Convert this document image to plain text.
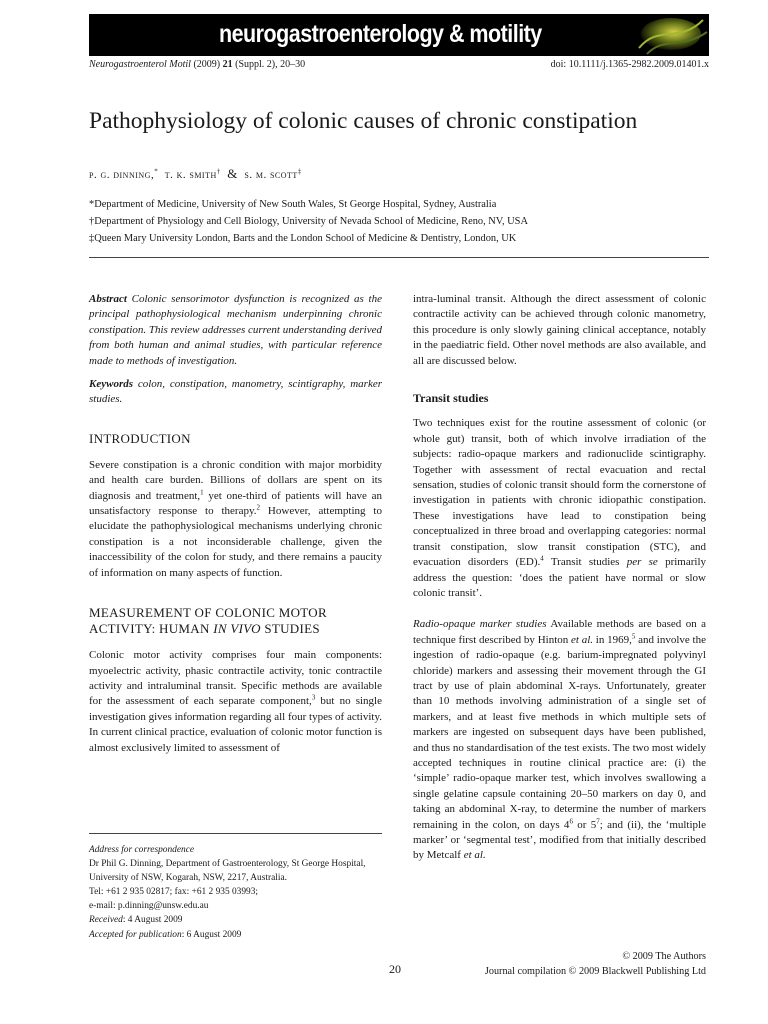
neurogastroenterology & motility
Neurogastroenterol Motil (2009) 21 (Suppl. 2), 20–30	doi: 10.1111/j.1365-2982.2009.01401.x
Pathophysiology of colonic causes of chronic constipation
p. g. dinning,* t. k. smith† & s. m. scott‡
*Department of Medicine, University of New South Wales, St George Hospital, Sydney, Australia
†Department of Physiology and Cell Biology, University of Nevada School of Medicine, Reno, NV, USA
‡Queen Mary University London, Barts and the London School of Medicine & Dentistry, London, UK

Abstract Colonic sensorimotor dysfunction is recognized as the principal pathophysiological mechanism underpinning chronic constipation. This review addresses current understanding derived from both human and animal studies, with particular reference made to methods of investigation.

Keywords colon, constipation, manometry, scintigraphy, marker studies.

INTRODUCTION

Severe constipation is a chronic condition with major morbidity and health care burden. Billions of dollars are spent on its diagnosis and treatment,$^1$ yet one-third of patients will have an unsatisfactory response to therapy.$^2$ However, attempting to elucidate the pathophysiological mechanisms underlying chronic constipation is a not inconsiderable challenge, given the inaccessibility of the colon for study, and there remains a paucity of information on many aspects of function.

MEASUREMENT OF COLONIC MOTOR ACTIVITY: HUMAN IN VIVO STUDIES

Colonic motor activity comprises four main components: myoelectric activity, phasic contractile activity, tonic contractile activity and intraluminal transit. Specific methods are available for the assessment of each separate component,$^3$ but no single investigation gives information regarding all four types of activity. In current clinical practice, evaluation of colonic motor function is almost exclusively limited to assessment of

Address for correspondence
Dr Phil G. Dinning, Department of Gastroenterology, St George Hospital, University of NSW, Kogarah, NSW, 2217, Australia.
Tel: +61 2 935 02817; fax: +61 2 935 03993;
e-mail: p.dinning@unsw.edu.au
Received: 4 August 2009
Accepted for publication: 6 August 2009

intra-luminal transit. Although the direct assessment of colonic contractile activity can be achieved through colonic manometry, this procedure is only slowly gaining clinical acceptance, notably in the paediatric field. Other novel methods are also available, and all are discussed below.

Transit studies

Two techniques exist for the routine assessment of colonic (or whole gut) transit, both of which involve irradiation of the subjects: radio-opaque markers and radionuclide scintigraphy. Together with assessment of rectal evacuation and rectal sensation, studies of colonic transit should form the cornerstone of investigation in patients with chronic idiopathic constipation. These investigations have lead to constipation being conceptualized in three broad and overlapping categories: normal transit constipation, slow transit constipation (STC), and evacuation disorders (ED).$^4$ Transit studies per se primarily address the question: ‘does the patient have normal or slow colonic transit’.

Radio-opaque marker studies Available methods are based on a technique first described by Hinton et al. in 1969,$^5$ and involve the ingestion of radio-opaque (e.g. barium-impregnated polyvinyl chloride) markers and assessing their movement through the GI tract by use of plain abdominal X-rays. Unfortunately, greater than 10 methods involving administration of a single set of markers, and at least five methods in which multiple sets of markers are ingested on subsequent days have been published, and thus no standardisation of the test exists. The two most widely accepted techniques in routine clinical practice are: (i) the ‘simple’ radio-opaque marker test, which involves swallowing a single gelatine capsule containing 20–50 markers on day 0, and taking an abdominal X-ray, to determine the number of markers remaining in the colon, on days $4^6$ or $5^7$; and (ii), the ‘multiple marker’ or ‘segmental test’, modified from that initially described by Metcalf et al.

20
© 2009 The Authors
Journal compilation © 2009 Blackwell Publishing Ltd
